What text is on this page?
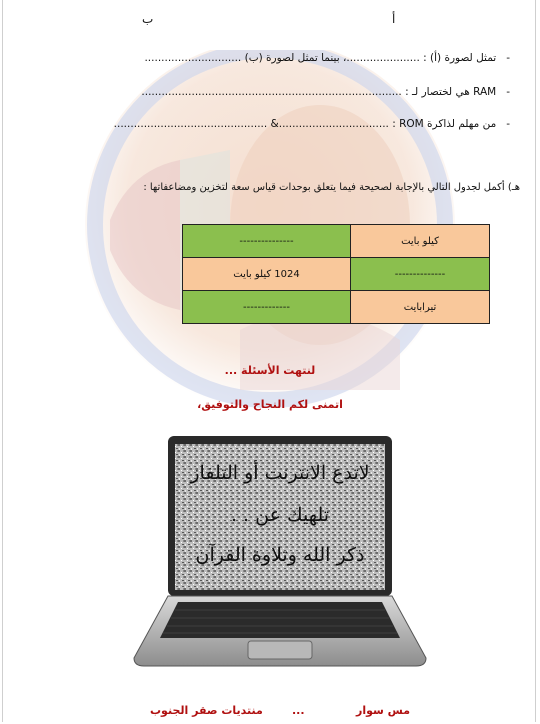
ب	أ
-تمثل لصورة (أ) : ......................، بينما تمثل لصورة (ب) .............................
-RAM هي لختصار لـ : ..............................................................................
-من مهلم لذاكرة ROM : .................................& ..............................................
هـ) أكمل لجدول التالي بالإجابة لصحيحة فيما يتعلق بوحدات قياس سعة لتخزين ومضاعفاتها :
---------------	كيلو بايت
1024 كيلو بايت	--------------
-------------	تيرابايت
لنتهت الأسئلة ...
اتمنى لكم النجاح والتوفيق،
لاتدع الانترنت أو التلفاز
تلهيك عن . .
ذكر الله وتلاوة القرآن
منتديات صقر الجنوب	...	مس سوار
